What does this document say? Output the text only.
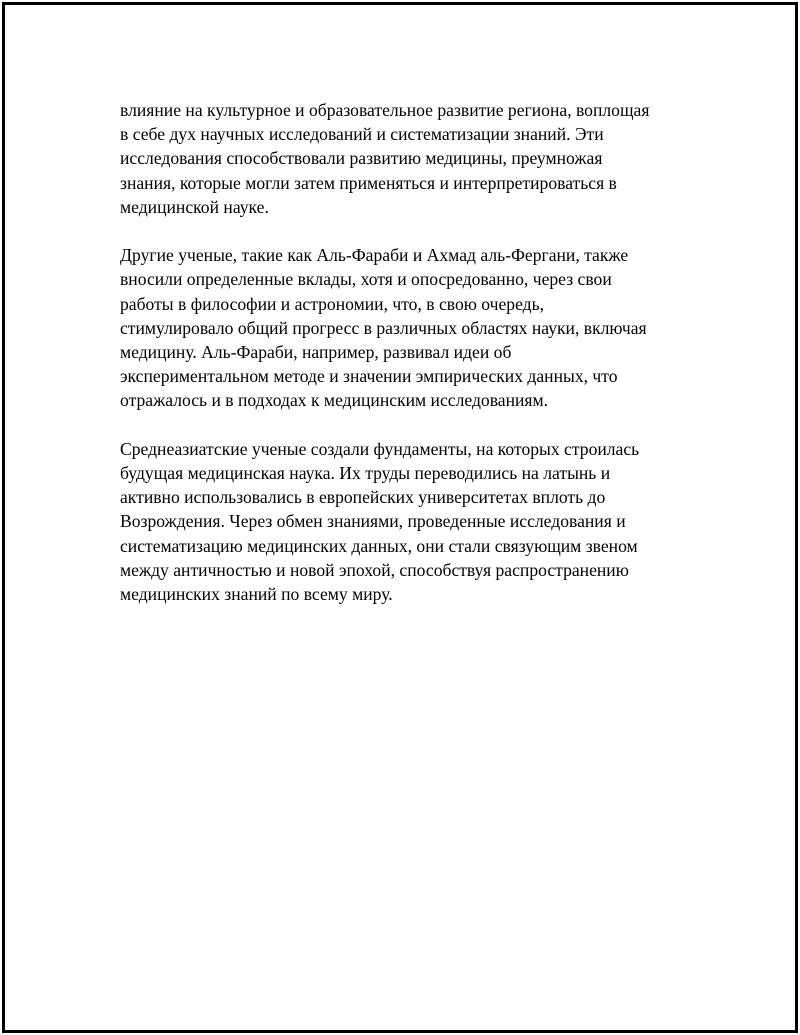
влияние на культурное и образовательное развитие региона, воплощая
в себе дух научных исследований и систематизации знаний. Эти
исследования способствовали развитию медицины, преумножая
знания, которые могли затем применяться и интерпретироваться в
медицинской науке.

Другие ученые, такие как Аль-Фараби и Ахмад аль-Фергани, также
вносили определенные вклады, хотя и опосредованно, через свои
работы в философии и астрономии, что, в свою очередь,
стимулировало общий прогресс в различных областях науки, включая
медицину. Аль-Фараби, например, развивал идеи об
экспериментальном методе и значении эмпирических данных, что
отражалось и в подходах к медицинским исследованиям.

Среднеазиатские ученые создали фундаменты, на которых строилась
будущая медицинская наука. Их труды переводились на латынь и
активно использовались в европейских университетах вплоть до
Возрождения. Через обмен знаниями, проведенные исследования и
систематизацию медицинских данных, они стали связующим звеном
между античностью и новой эпохой, способствуя распространению
медицинских знаний по всему миру.
